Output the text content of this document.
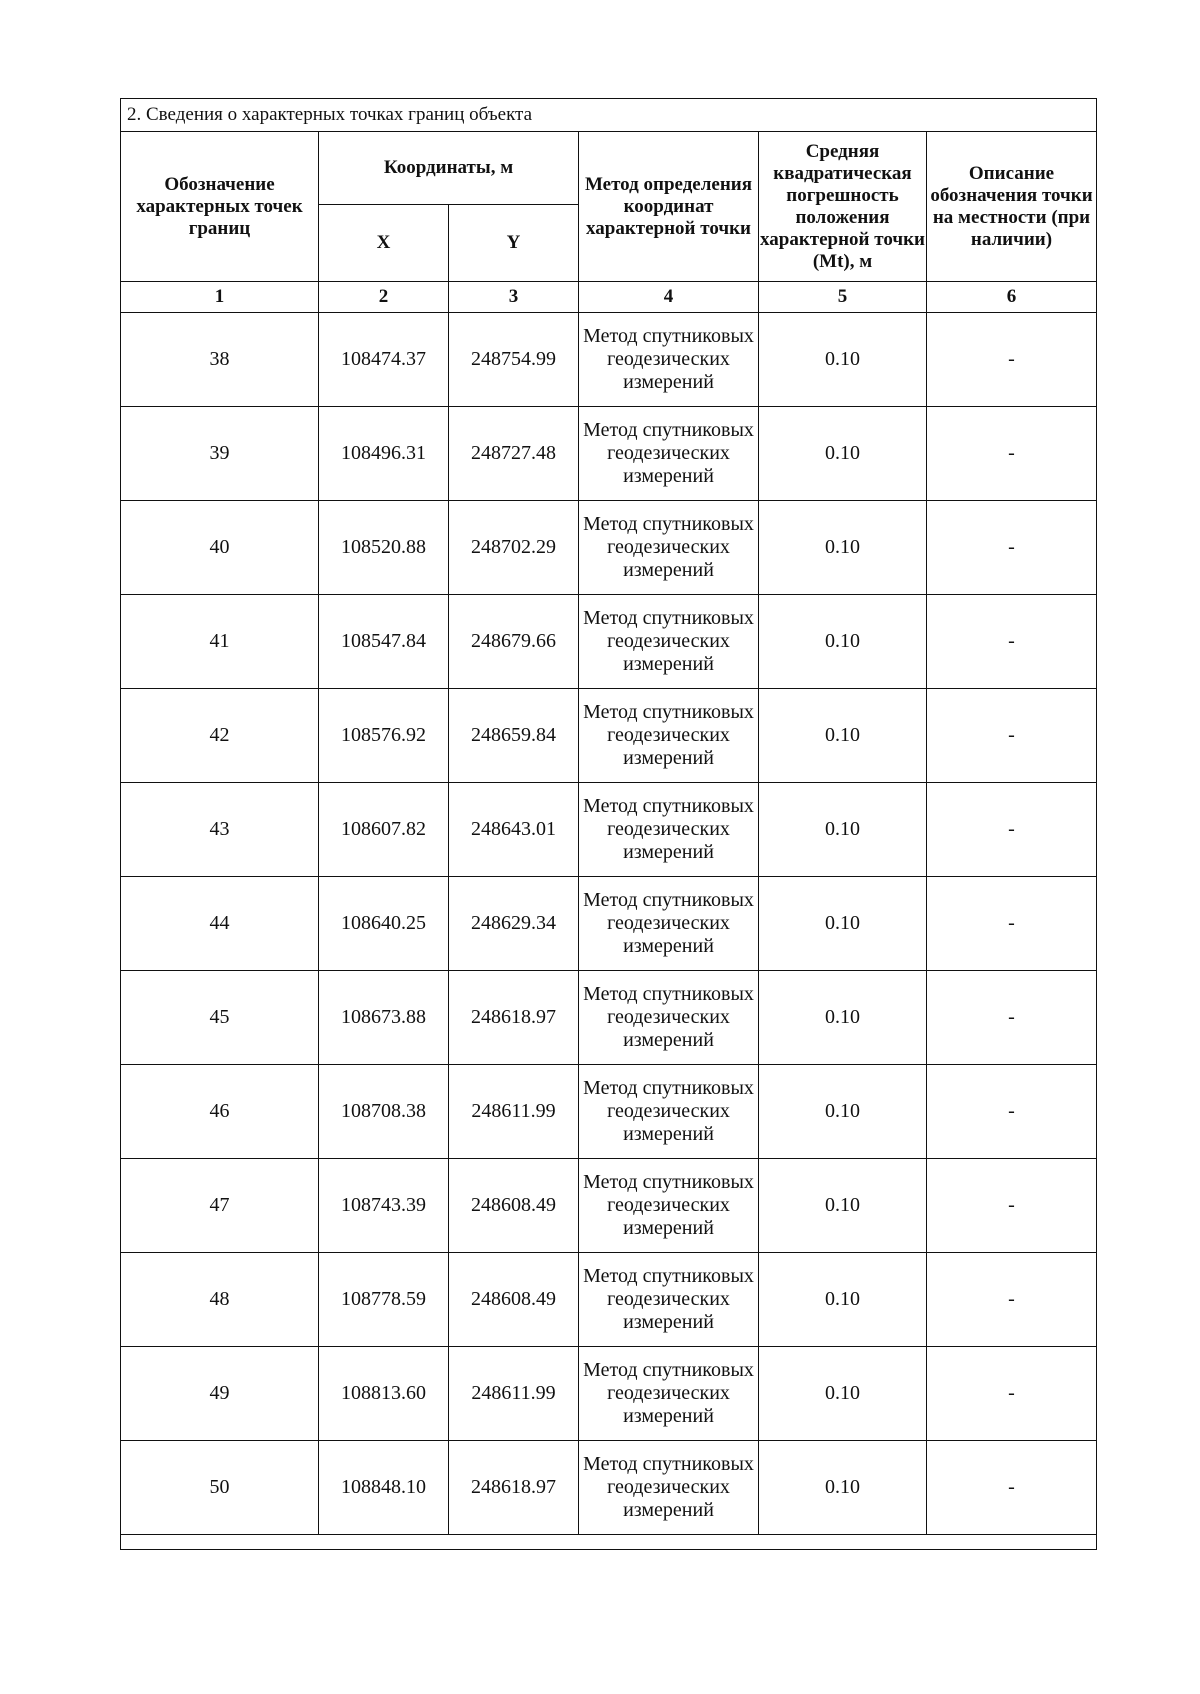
2. Сведения о характерных точках границ объекта					
Обозначение характерных точек границ	Координаты, м		Метод определения координат характерной точки	Средняя квадратическая погрешность положения характерной точки (Mt), м	Описание обозначения точки на местности (при наличии)
	X	Y			
1	2	3	4	5	6
38	108474.37	248754.99	Метод спутниковых геодезических измерений	0.10	-
39	108496.31	248727.48	Метод спутниковых геодезических измерений	0.10	-
40	108520.88	248702.29	Метод спутниковых геодезических измерений	0.10	-
41	108547.84	248679.66	Метод спутниковых геодезических измерений	0.10	-
42	108576.92	248659.84	Метод спутниковых геодезических измерений	0.10	-
43	108607.82	248643.01	Метод спутниковых геодезических измерений	0.10	-
44	108640.25	248629.34	Метод спутниковых геодезических измерений	0.10	-
45	108673.88	248618.97	Метод спутниковых геодезических измерений	0.10	-
46	108708.38	248611.99	Метод спутниковых геодезических измерений	0.10	-
47	108743.39	248608.49	Метод спутниковых геодезических измерений	0.10	-
48	108778.59	248608.49	Метод спутниковых геодезических измерений	0.10	-
49	108813.60	248611.99	Метод спутниковых геодезических измерений	0.10	-
50	108848.10	248618.97	Метод спутниковых геодезических измерений	0.10	-
